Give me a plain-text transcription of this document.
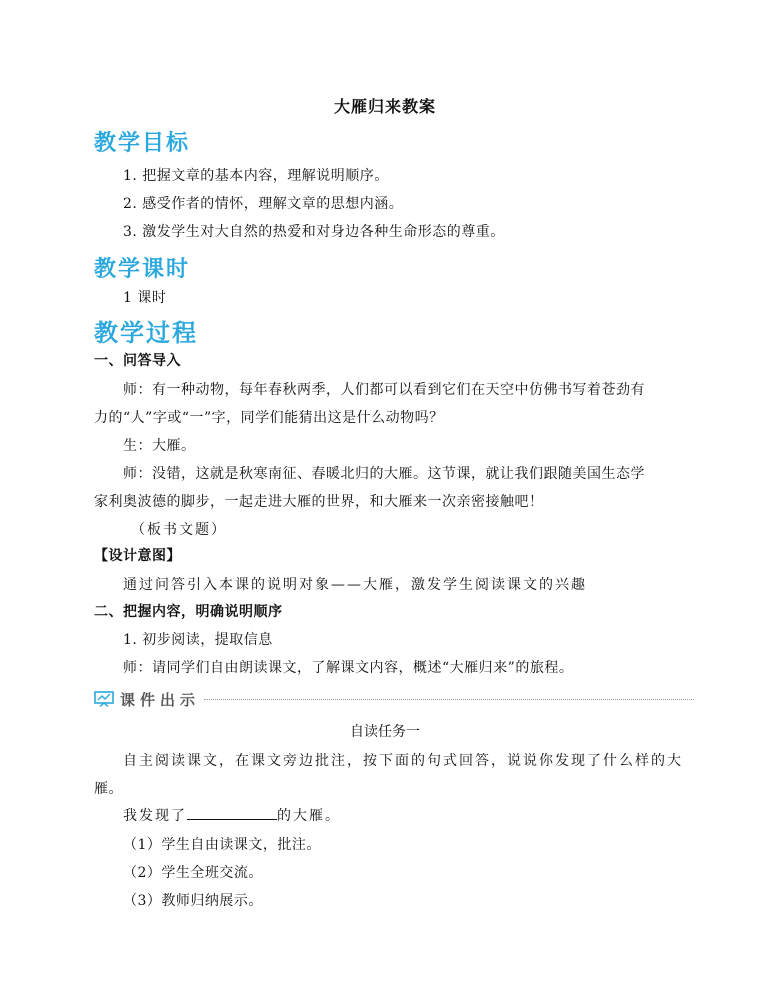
大雁归来教案
教学目标
1. 把握文章的基本内容，理解说明顺序。
2. 感受作者的情怀，理解文章的思想内涵。
3. 激发学生对大自然的热爱和对身边各种生命形态的尊重。
教学课时
1 课时
教学过程
一、问答导入
师：有一种动物，每年春秋两季，人们都可以看到它们在天空中仿佛书写着苍劲有
力的“人”字或“一”字，同学们能猜出这是什么动物吗？
生：大雁。
师：没错，这就是秋寒南征、春暖北归的大雁。这节课，就让我们跟随美国生态学
家利奥波德的脚步，一起走进大雁的世界，和大雁来一次亲密接触吧！
（板书文题）
【设计意图】
通过问答引入本课的说明对象——大雁，激发学生阅读课文的兴趣
二、把握内容，明确说明顺序
1. 初步阅读，提取信息
师：请同学们自由朗读课文，了解课文内容，概述“大雁归来”的旅程。
课件出示
自读任务一
自主阅读课文，在课文旁边批注，按下面的句式回答，说说你发现了什么样的大
雁。
我发现了	的大雁。
（1）学生自由读课文，批注。
（2）学生全班交流。
（3）教师归纳展示。
